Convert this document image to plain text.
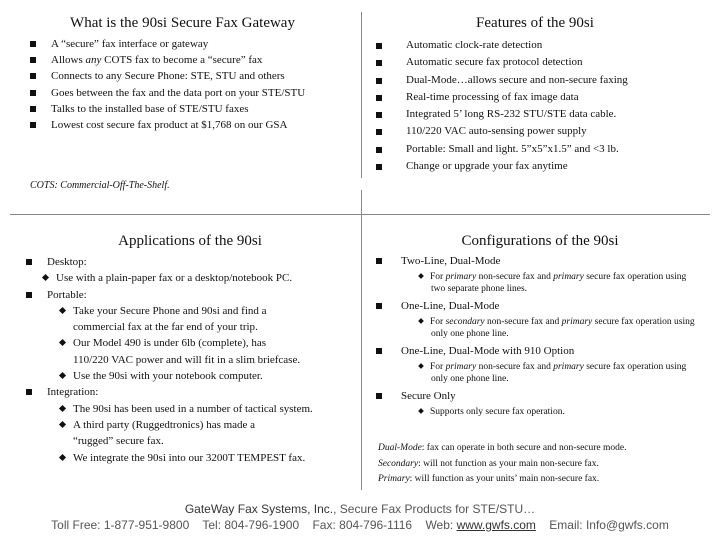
What is the 90si Secure Fax Gateway
A “secure” fax interface or gateway
Allows any COTS fax to become a “secure” fax
Connects to any Secure Phone: STE, STU and others
Goes between the fax and the data port on your STE/STU
Talks to the installed base of STE/STU faxes
Lowest cost secure fax product at $1,768 on our GSA
COTS: Commercial-Off-The-Shelf.
Features of the 90si
Automatic clock-rate detection
Automatic secure fax protocol detection
Dual-Mode…allows secure and non-secure faxing
Real-time processing of fax image data
Integrated 5’ long RS-232 STU/STE data cable.
110/220 VAC auto-sensing power supply
Portable: Small and light. 5”x5”x1.5” and <3 lb.
Change or upgrade your fax anytime
Applications of the 90si
Desktop:
Use with a plain-paper fax or a desktop/notebook PC.
Portable:
Take your Secure Phone and 90si and find a commercial fax at the far end of your trip.
Our Model 490 is under 6lb (complete), has 110/220 VAC power and will fit in a slim briefcase.
Use the 90si with your notebook computer.
Integration:
The 90si has been used in a number of tactical system.
A third party (Ruggedtronics) has made a “rugged” secure fax.
We integrate the 90si into our 3200T TEMPEST fax.
Configurations of the 90si
Two-Line, Dual-Mode
For primary non-secure fax and primary secure fax operation using two separate phone lines.
One-Line, Dual-Mode
For secondary non-secure fax and primary secure fax operation using only one phone line.
One-Line, Dual-Mode with 910 Option
For primary non-secure fax and primary secure fax operation using only one phone line.
Secure Only
Supports only secure fax operation.
Dual-Mode: fax can operate in both secure and non-secure mode.
Secondary: will not function as your main non-secure fax.
Primary: will function as your units’ main non-secure fax.
GateWay Fax Systems, Inc., Secure Fax Products for STE/STU…
Toll Free: 1-877-951-9800 Tel: 804-796-1900 Fax: 804-796-1116 Web: www.gwfs.com Email: Info@gwfs.com
